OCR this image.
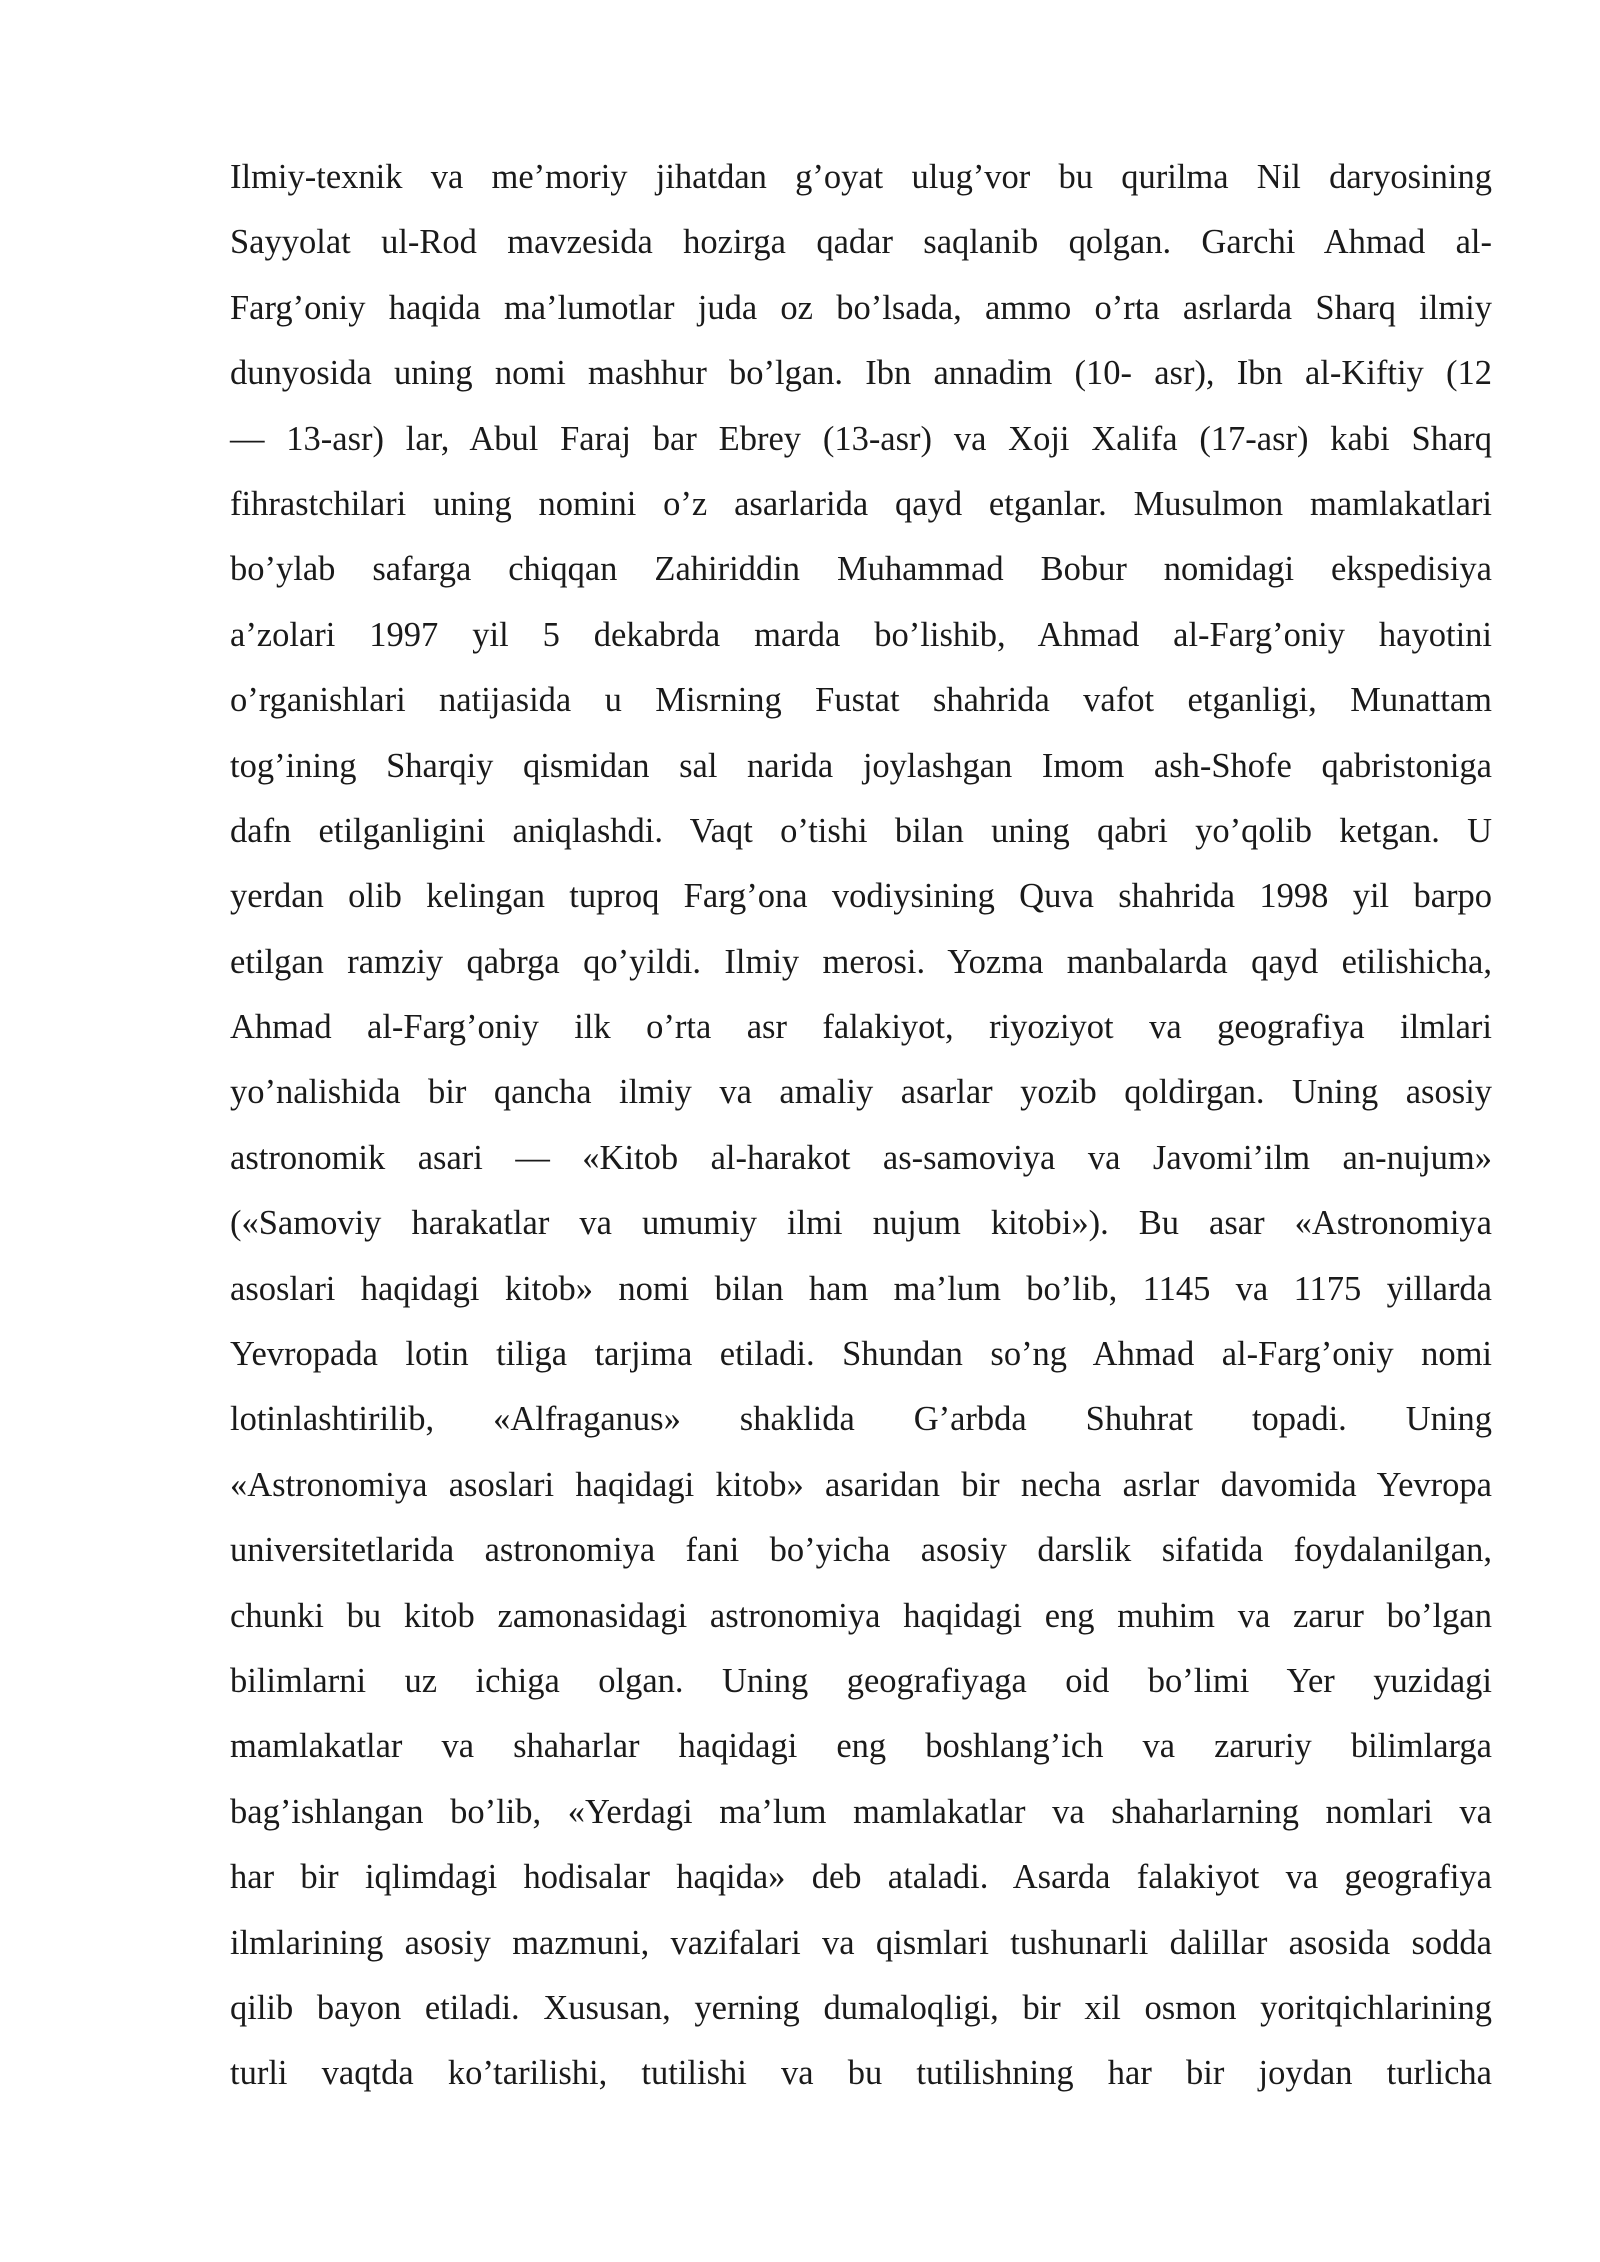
Ilmiy-texnik va me’moriy jihatdan g’oyat ulug’vor bu qurilma Nil daryosining
Sayyolat ul-Rod mavzesida hozirga qadar saqlanib qolgan. Garchi Ahmad al-
Farg’oniy haqida ma’lumotlar juda oz bo’lsada, ammo o’rta asrlarda Sharq ilmiy
dunyosida uning nomi mashhur bo’lgan. Ibn annadim (10- asr), Ibn al-Kiftiy (12
— 13-asr) lar, Abul Faraj bar Ebrey (13-asr) va Xoji Xalifa (17-asr) kabi Sharq
fihrastchilari uning nomini o’z asarlarida qayd etganlar. Musulmon mamlakatlari
bo’ylab safarga chiqqan Zahiriddin Muhammad Bobur nomidagi ekspedisiya
a’zolari 1997 yil 5 dekabrda marda bo’lishib, Ahmad al-Farg’oniy hayotini
o’rganishlari natijasida u Misrning Fustat shahrida vafot etganligi, Munattam
tog’ining Sharqiy qismidan sal narida joylashgan Imom ash-Shofe qabristoniga
dafn etilganligini aniqlashdi. Vaqt o’tishi bilan uning qabri yo’qolib ketgan. U
yerdan olib kelingan tuproq Farg’ona vodiysining Quva shahrida 1998 yil barpo
etilgan ramziy qabrga qo’yildi. Ilmiy merosi. Yozma manbalarda qayd etilishicha,
Ahmad al-Farg’oniy ilk o’rta asr falakiyot, riyoziyot va geografiya ilmlari
yo’nalishida bir qancha ilmiy va amaliy asarlar yozib qoldirgan. Uning asosiy
astronomik asari — «Kitob al-harakot as-samoviya va Javomi’ilm an-nujum»
(«Samoviy harakatlar va umumiy ilmi nujum kitobi»). Bu asar «Astronomiya
asoslari haqidagi kitob» nomi bilan ham ma’lum bo’lib, 1145 va 1175 yillarda
Yevropada lotin tiliga tarjima etiladi. Shundan so’ng Ahmad al-Farg’oniy nomi
lotinlashtirilib, «Alfraganus» shaklida G’arbda Shuhrat topadi. Uning
«Astronomiya asoslari haqidagi kitob» asaridan bir necha asrlar davomida Yevropa
universitetlarida astronomiya fani bo’yicha asosiy darslik sifatida foydalanilgan,
chunki bu kitob zamonasidagi astronomiya haqidagi eng muhim va zarur bo’lgan
bilimlarni uz ichiga olgan. Uning geografiyaga oid bo’limi Yer yuzidagi
mamlakatlar va shaharlar haqidagi eng boshlang’ich va zaruriy bilimlarga
bag’ishlangan bo’lib, «Yerdagi ma’lum mamlakatlar va shaharlarning nomlari va
har bir iqlimdagi hodisalar haqida» deb ataladi. Asarda falakiyot va geografiya
ilmlarining asosiy mazmuni, vazifalari va qismlari tushunarli dalillar asosida sodda
qilib bayon etiladi. Xususan, yerning dumaloqligi, bir xil osmon yoritqichlarining
turli vaqtda ko’tarilishi, tutilishi va bu tutilishning har bir joydan turlicha
